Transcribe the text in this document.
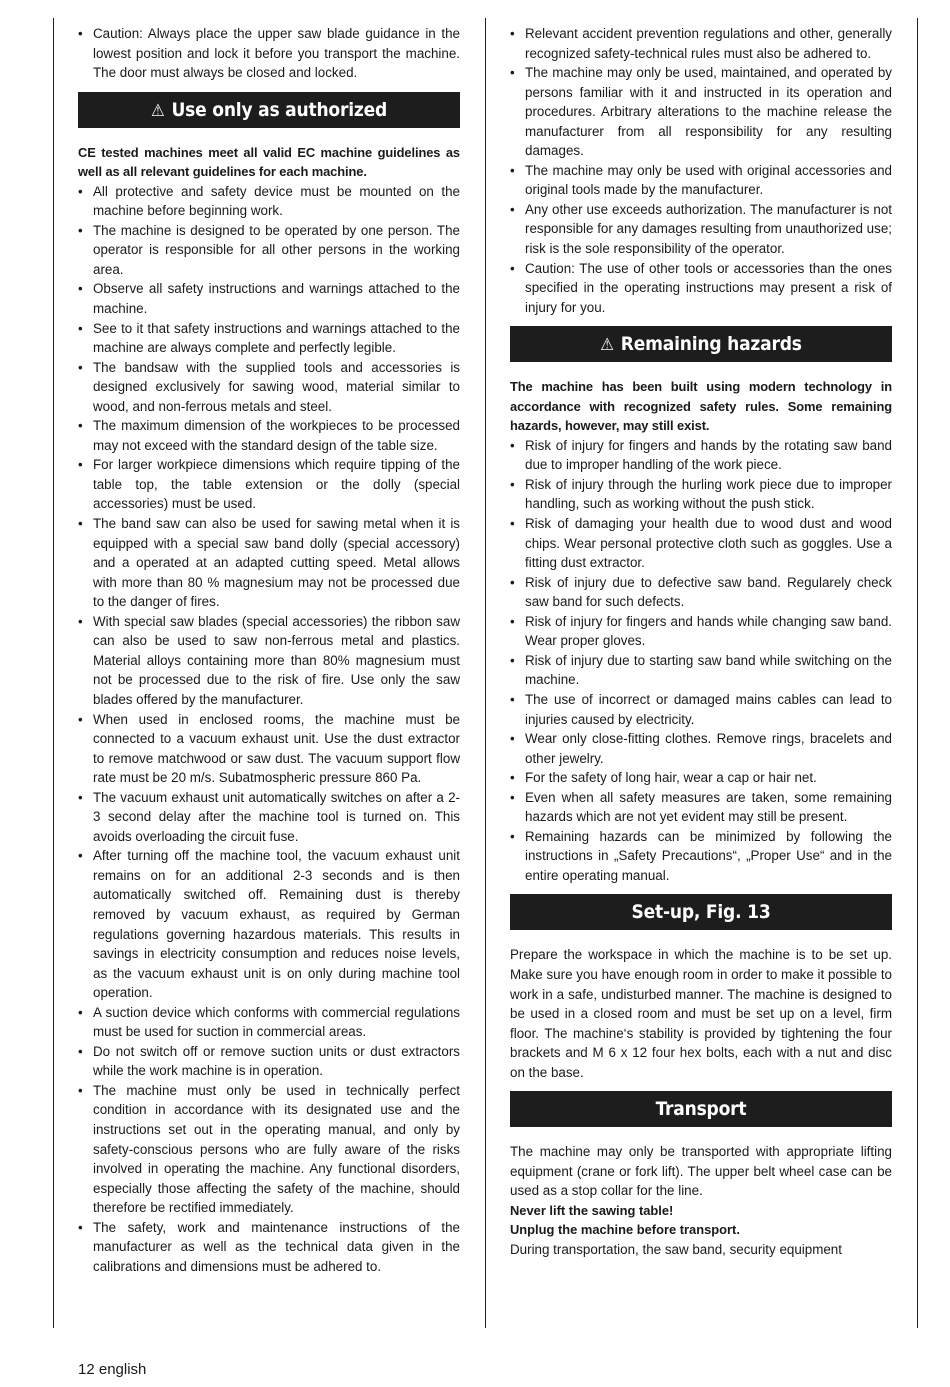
• Caution: Always place the upper saw blade guidance in the lowest position and lock it before you transport the machine. The door must always be closed and locked.
⚠ Use only as authorized
CE tested machines meet all valid EC machine guidelines as well as all relevant guidelines for each machine.
• All protective and safety device must be mounted on the machine before beginning work.
• The machine is designed to be operated by one person. The operator is responsible for all other persons in the working area.
• Observe all safety instructions and warnings attached to the machine.
• See to it that safety instructions and warnings attached to the machine are always complete and perfectly legible.
• The bandsaw with the supplied tools and accessories is designed exclusively for sawing wood, material similar to wood, and non-ferrous metals and steel.
• The maximum dimension of the workpieces to be processed may not exceed with the standard design of the table size.
• For larger workpiece dimensions which require tipping of the table top, the table extension or the dolly (special accessories) must be used.
• The band saw can also be used for sawing metal when it is equipped with a special saw band dolly (special accessory) and a operated at an adapted cutting speed. Metal allows with more than 80 % magnesium may not be processed due to the danger of fires.
• With special saw blades (special accessories) the ribbon saw can also be used to saw non-ferrous metal and plastics. Material alloys containing more than 80% magnesium must not be processed due to the risk of fire. Use only the saw blades offered by the manufacturer.
• When used in enclosed rooms, the machine must be connected to a vacuum exhaust unit. Use the dust extractor to remove matchwood or saw dust. The vacuum support flow rate must be 20 m/s. Subatmospheric pressure 860 Pa.
• The vacuum exhaust unit automatically switches on after a 2-3 second delay after the machine tool is turned on. This avoids overloading the circuit fuse.
• After turning off the machine tool, the vacuum exhaust unit remains on for an additional 2-3 seconds and is then automatically switched off. Remaining dust is thereby removed by vacuum exhaust, as required by German regulations governing hazardous materials. This results in savings in electricity consumption and reduces noise levels, as the vacuum exhaust unit is on only during machine tool operation.
• A suction device which conforms with commercial regulations must be used for suction in commercial areas.
• Do not switch off or remove suction units or dust extractors while the work machine is in operation.
• The machine must only be used in technically perfect condition in accordance with its designated use and the instructions set out in the operating manual, and only by safety-conscious persons who are fully aware of the risks involved in operating the machine. Any functional disorders, especially those affecting the safety of the machine, should therefore be rectified immediately.
• The safety, work and maintenance instructions of the manufacturer as well as the technical data given in the calibrations and dimensions must be adhered to.
• Relevant accident prevention regulations and other, generally recognized safety-technical rules must also be adhered to.
• The machine may only be used, maintained, and operated by persons familiar with it and instructed in its operation and procedures. Arbitrary alterations to the machine release the manufacturer from all responsibility for any resulting damages.
• The machine may only be used with original accessories and original tools made by the manufacturer.
• Any other use exceeds authorization. The manufacturer is not responsible for any damages resulting from unauthorized use; risk is the sole responsibility of the operator.
• Caution: The use of other tools or accessories than the ones specified in the operating instructions may present a risk of injury for you.
⚠ Remaining hazards
The machine has been built using modern technology in accordance with recognized safety rules. Some remaining hazards, however, may still exist.
• Risk of injury for fingers and hands by the rotating saw band due to improper handling of the work piece.
• Risk of injury through the hurling work piece due to improper handling, such as working without the push stick.
• Risk of damaging your health due to wood dust and wood chips. Wear personal protective cloth such as goggles. Use a fitting dust extractor.
• Risk of injury due to defective saw band. Regularely check saw band for such defects.
• Risk of injury for fingers and hands while changing saw band. Wear proper gloves.
• Risk of injury due to starting saw band while switching on the machine.
• The use of incorrect or damaged mains cables can lead to injuries caused by electricity.
• Wear only close-fitting clothes. Remove rings, bracelets and other jewelry.
• For the safety of long hair, wear a cap or hair net.
• Even when all safety measures are taken, some remaining hazards which are not yet evident may still be present.
• Remaining hazards can be minimized by following the instructions in „Safety Precautions“, „Proper Use“ and in the entire operating manual.
Set-up, Fig. 13

Prepare the workspace in which the machine is to be set up. Make sure you have enough room in order to make it possible to work in a safe, undisturbed manner. The machine is designed to be used in a closed room and must be set up on a level, firm floor. The machine‘s stability is provided by tightening the four brackets and M 6 x 12 four hex bolts, each with a nut and disc on the base.

Transport

The machine may only be transported with appropriate lifting equipment (crane or fork lift). The upper belt wheel case can be used as a stop collar for the line.

Never lift the sawing table!
Unplug the machine before transport.

During transportation, the saw band, security equipment

12 english
